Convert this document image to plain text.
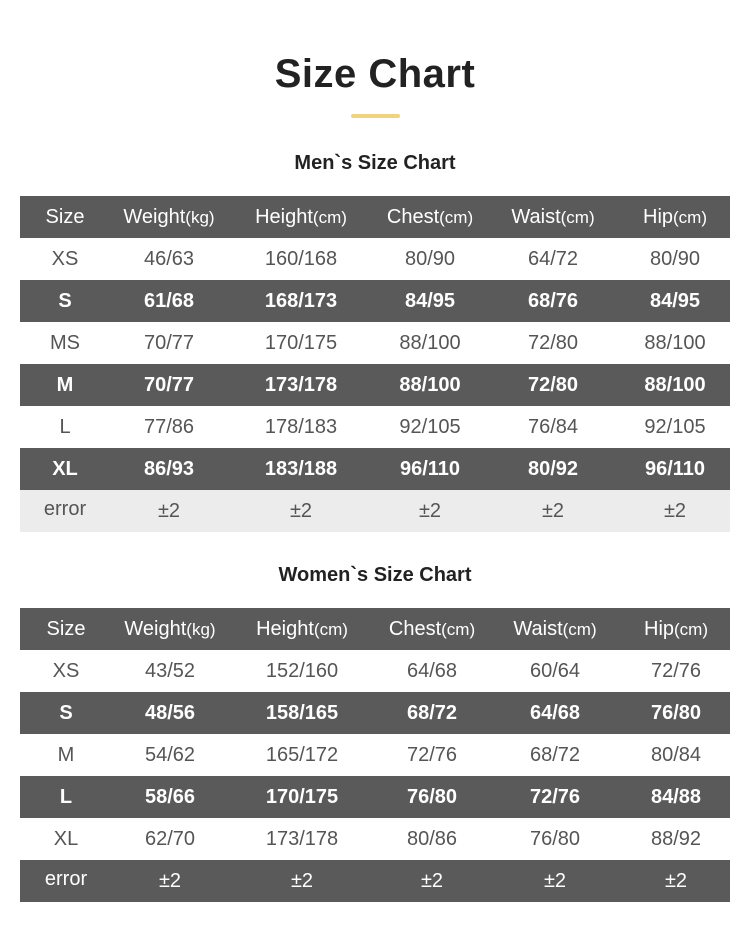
Size Chart
Men`s Size Chart
Size	Weight(kg)	Height(cm)	Chest(cm)	Waist(cm)	Hip(cm)
XS	46/63	160/168	80/90	64/72	80/90
S	61/68	168/173	84/95	68/76	84/95
MS	70/77	170/175	88/100	72/80	88/100
M	70/77	173/178	88/100	72/80	88/100
L	77/86	178/183	92/105	76/84	92/105
XL	86/93	183/188	96/110	80/92	96/110
error	±2	±2	±2	±2	±2
Women`s Size Chart
Size	Weight(kg)	Height(cm)	Chest(cm)	Waist(cm)	Hip(cm)
XS	43/52	152/160	64/68	60/64	72/76
S	48/56	158/165	68/72	64/68	76/80
M	54/62	165/172	72/76	68/72	80/84
L	58/66	170/175	76/80	72/76	84/88
XL	62/70	173/178	80/86	76/80	88/92
error	±2	±2	±2	±2	±2
